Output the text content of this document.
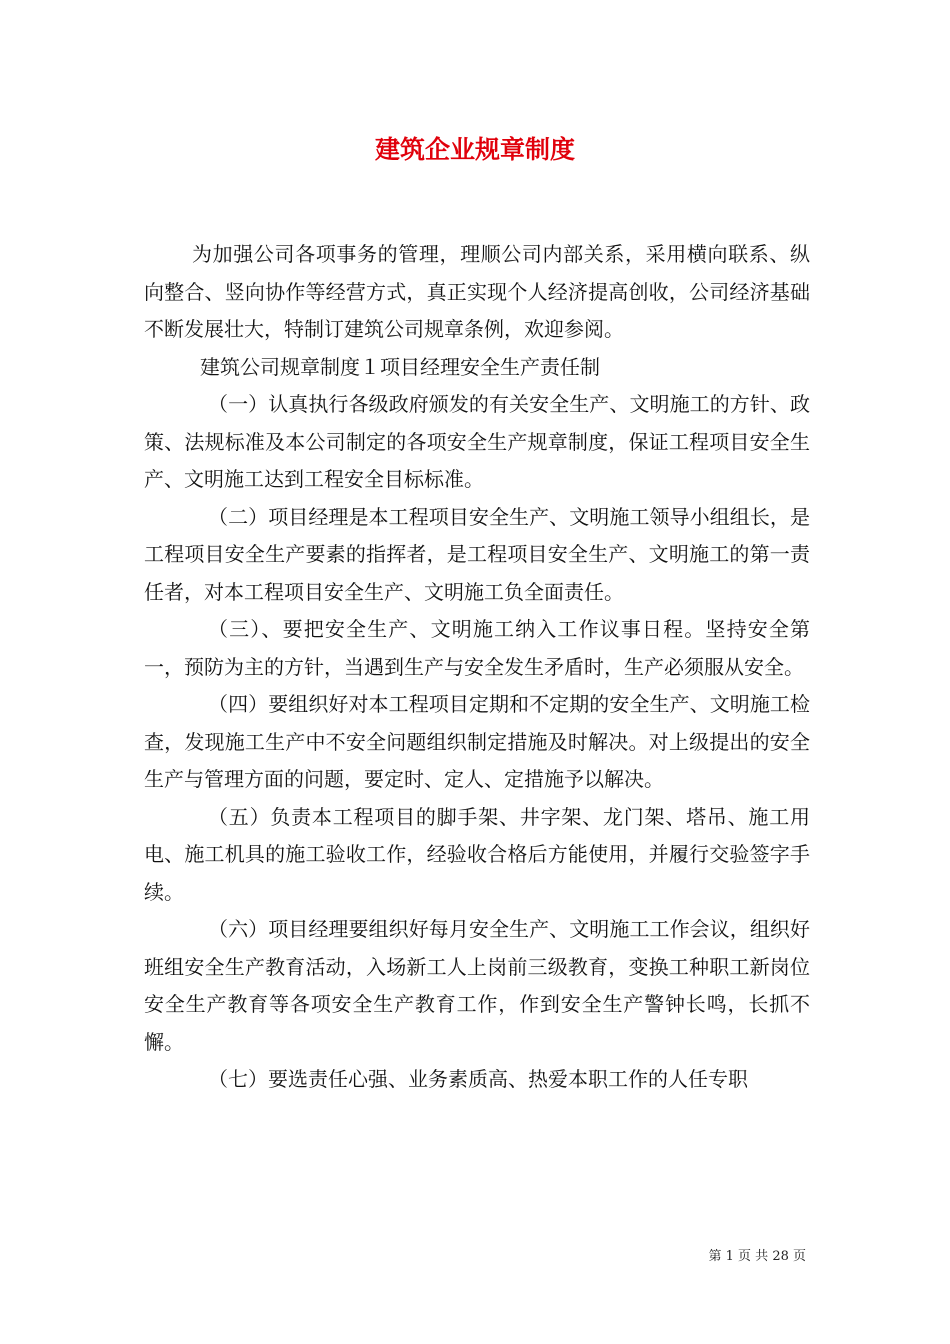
建筑企业规章制度

为加强公司各项事务的管理，理顺公司内部关系，采用横向联系、纵向整合、竖向协作等经营方式，真正实现个人经济提高创收，公司经济基础不断发展壮大，特制订建筑公司规章条例，欢迎参阅。

建筑公司规章制度１项目经理安全生产责任制

（一）认真执行各级政府颁发的有关安全生产、文明施工的方针、政策、法规标准及本公司制定的各项安全生产规章制度，保证工程项目安全生产、文明施工达到工程安全目标标准。

（二）项目经理是本工程项目安全生产、文明施工领导小组组长，是工程项目安全生产要素的指挥者，是工程项目安全生产、文明施工的第一责任者，对本工程项目安全生产、文明施工负全面责任。

（三）、要把安全生产、文明施工纳入工作议事日程。坚持安全第一，预防为主的方针，当遇到生产与安全发生矛盾时，生产必须服从安全。

（四）要组织好对本工程项目定期和不定期的安全生产、文明施工检查，发现施工生产中不安全问题组织制定措施及时解决。对上级提出的安全生产与管理方面的问题，要定时、定人、定措施予以解决。

（五）负责本工程项目的脚手架、井字架、龙门架、塔吊、施工用电、施工机具的施工验收工作，经验收合格后方能使用，并履行交验签字手续。

（六）项目经理要组织好每月安全生产、文明施工工作会议，组织好班组安全生产教育活动，入场新工人上岗前三级教育，变换工种职工新岗位安全生产教育等各项安全生产教育工作，作到安全生产警钟长鸣，长抓不懈。

（七）要选责任心强、业务素质高、热爱本职工作的人任专职

第 1 页 共 28 页
